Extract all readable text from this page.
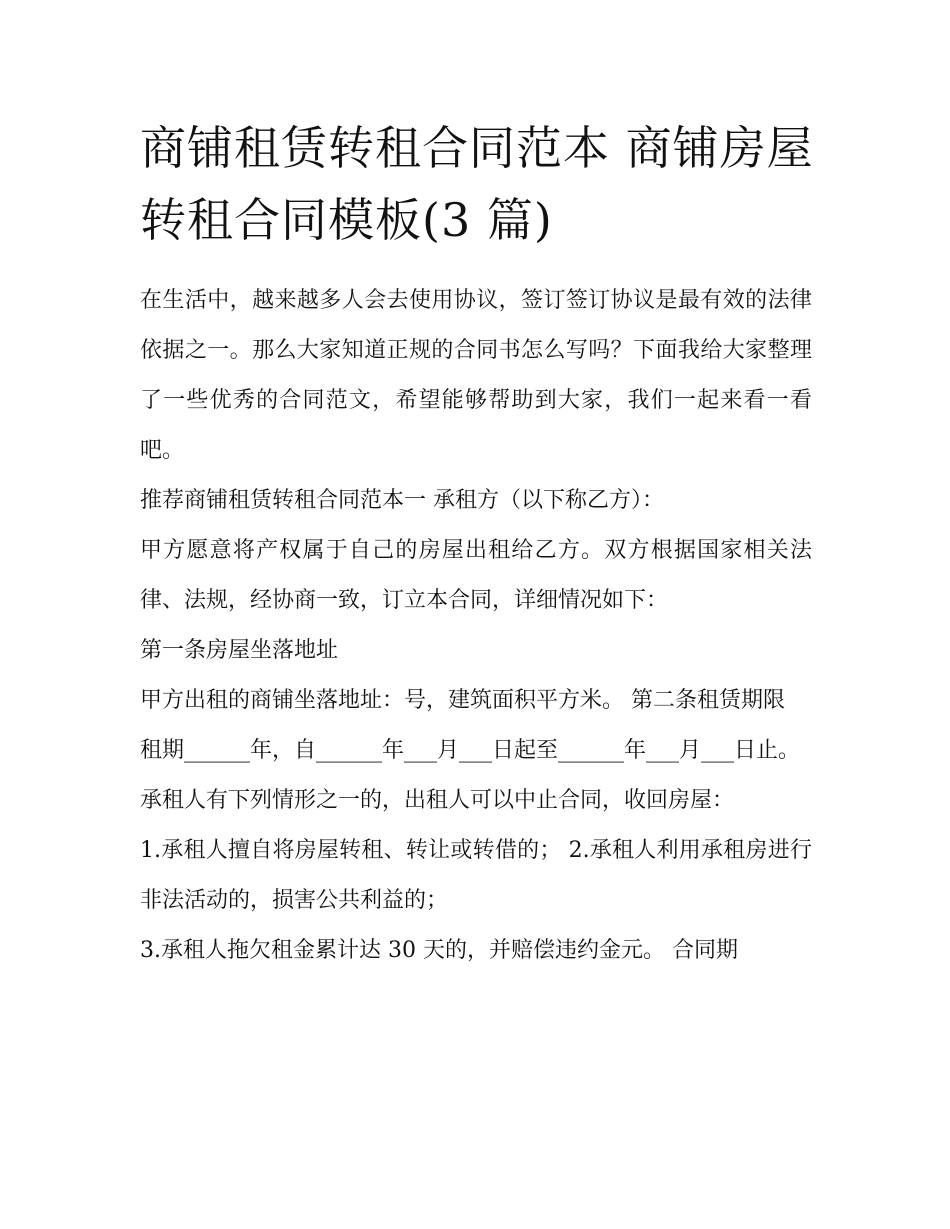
商铺租赁转租合同范本 商铺房屋转租合同模板(3 篇)

在生活中，越来越多人会去使用协议，签订签订协议是最有效的法律依据之一。那么大家知道正规的合同书怎么写吗？下面我给大家整理了一些优秀的合同范文，希望能够帮助到大家，我们一起来看一看吧。

推荐商铺租赁转租合同范本一 承租方（以下称乙方）：

甲方愿意将产权属于自己的房屋出租给乙方。双方根据国家相关法律、法规，经协商一致，订立本合同，详细情况如下：

第一条房屋坐落地址

甲方出租的商铺坐落地址：号，建筑面积平方米。 第二条租赁期限

租期______年，自______年___月___日起至______年___月___日止。

承租人有下列情形之一的，出租人可以中止合同，收回房屋：

1.承租人擅自将房屋转租、转让或转借的； 2.承租人利用承租房进行非法活动的，损害公共利益的；

3.承租人拖欠租金累计达 30 天的，并赔偿违约金元。 合同期
